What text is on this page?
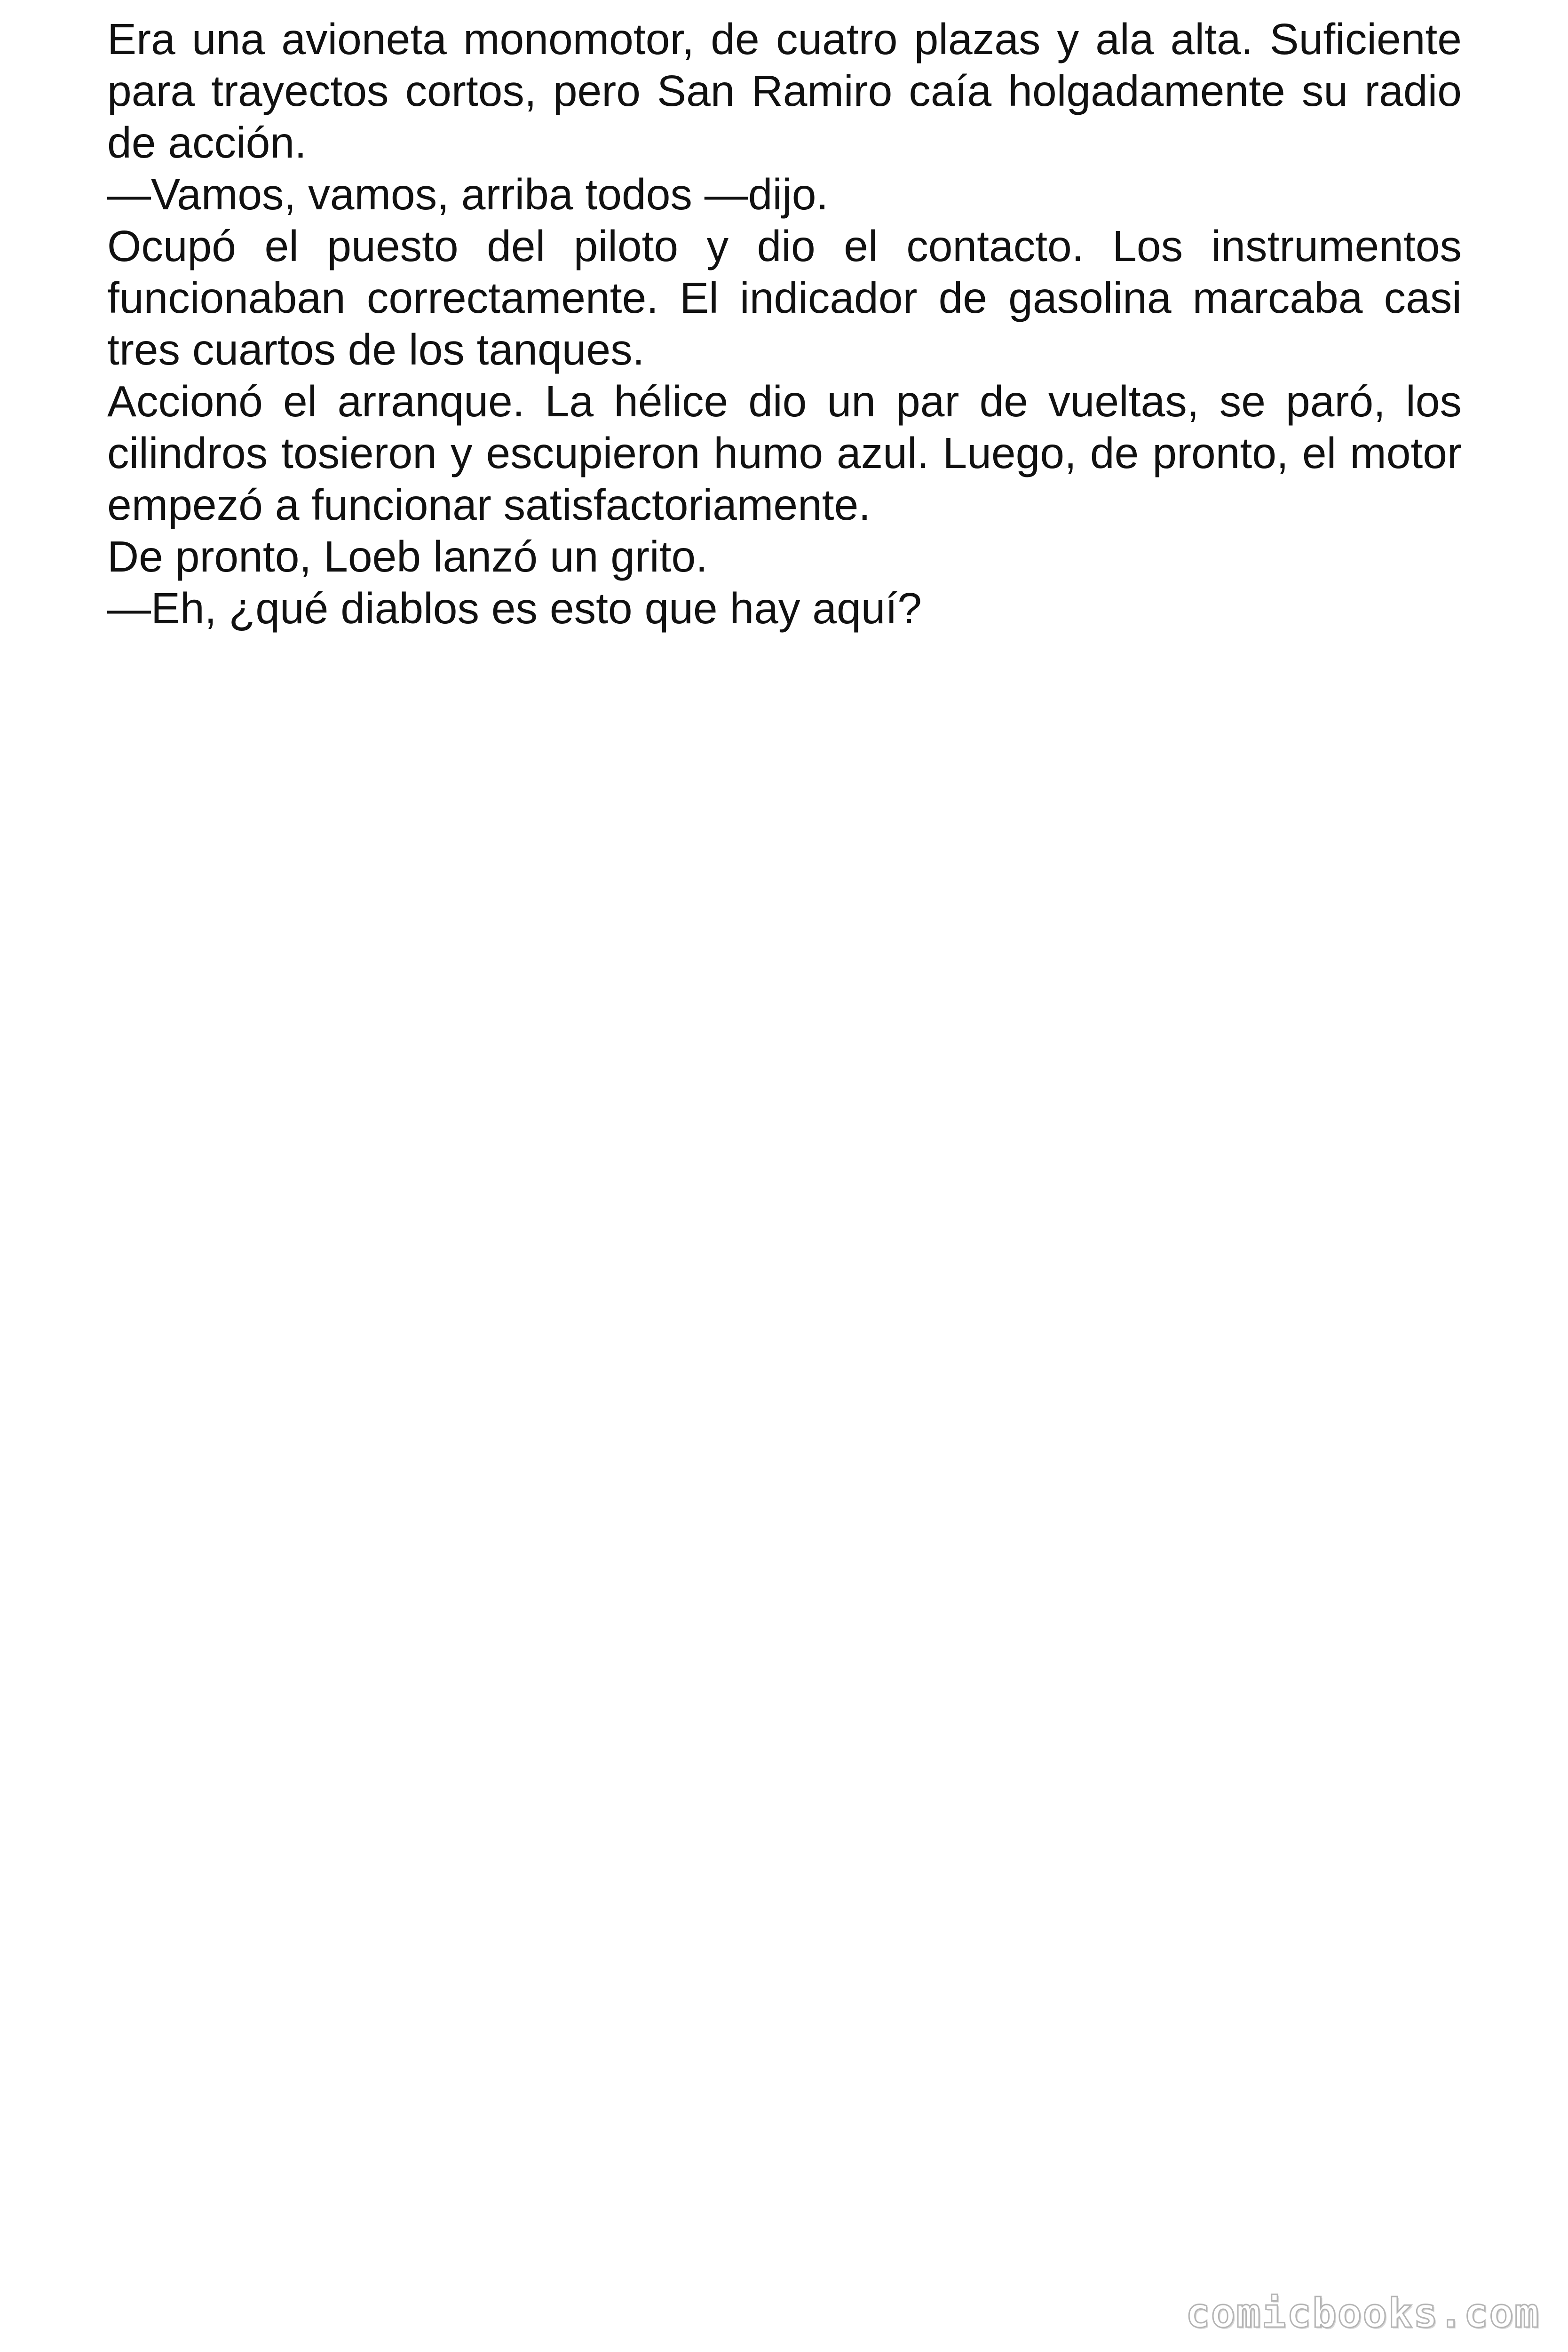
Era una avioneta monomotor, de cuatro plazas y ala alta. Suficiente para trayectos cortos, pero San Ramiro caía holgadamente su radio de acción.

—Vamos, vamos, arriba todos —dijo.

Ocupó el puesto del piloto y dio el contacto. Los instrumentos funcionaban correctamente. El indicador de gasolina marcaba casi tres cuartos de los tanques.

Accionó el arranque. La hélice dio un par de vueltas, se paró, los cilindros tosieron y escupieron humo azul. Luego, de pronto, el motor empezó a funcionar satisfactoriamente.

De pronto, Loeb lanzó un grito.

—Eh, ¿qué diablos es esto que hay aquí?

comicbooks.com
